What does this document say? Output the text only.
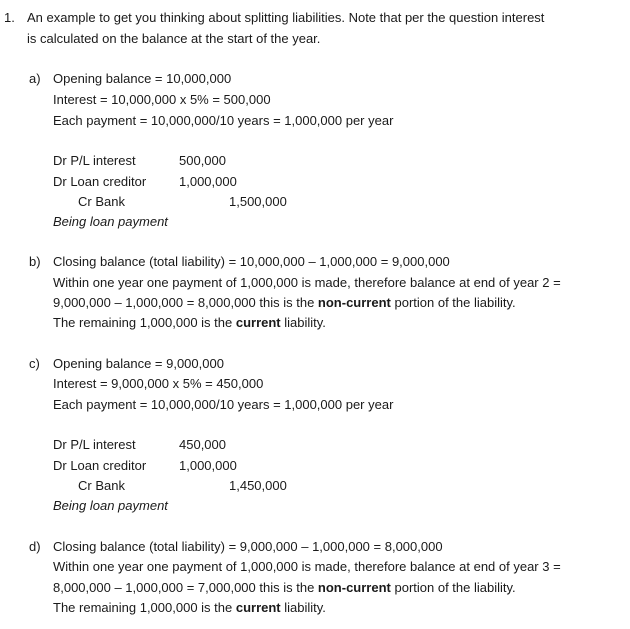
1. An example to get you thinking about splitting liabilities. Note that per the question interest
is calculated on the balance at the start of the year.
a) Opening balance = 10,000,000
Interest = 10,000,000 x 5% = 500,000
Each payment = 10,000,000/10 years = 1,000,000 per year
Dr P/L interest	500,000
Dr Loan creditor	1,000,000
Cr Bank	1,500,000
Being loan payment
b) Closing balance (total liability) = 10,000,000 – 1,000,000 = 9,000,000
Within one year one payment of 1,000,000 is made, therefore balance at end of year 2 =
9,000,000 – 1,000,000 = 8,000,000 this is the non-current portion of the liability.
The remaining 1,000,000 is the current liability.
c) Opening balance = 9,000,000
Interest = 9,000,000 x 5% = 450,000
Each payment = 10,000,000/10 years = 1,000,000 per year
Dr P/L interest	450,000
Dr Loan creditor	1,000,000
Cr Bank	1,450,000
Being loan payment
d) Closing balance (total liability) = 9,000,000 – 1,000,000 = 8,000,000
Within one year one payment of 1,000,000 is made, therefore balance at end of year 3 =
8,000,000 – 1,000,000 = 7,000,000 this is the non-current portion of the liability.
The remaining 1,000,000 is the current liability.
